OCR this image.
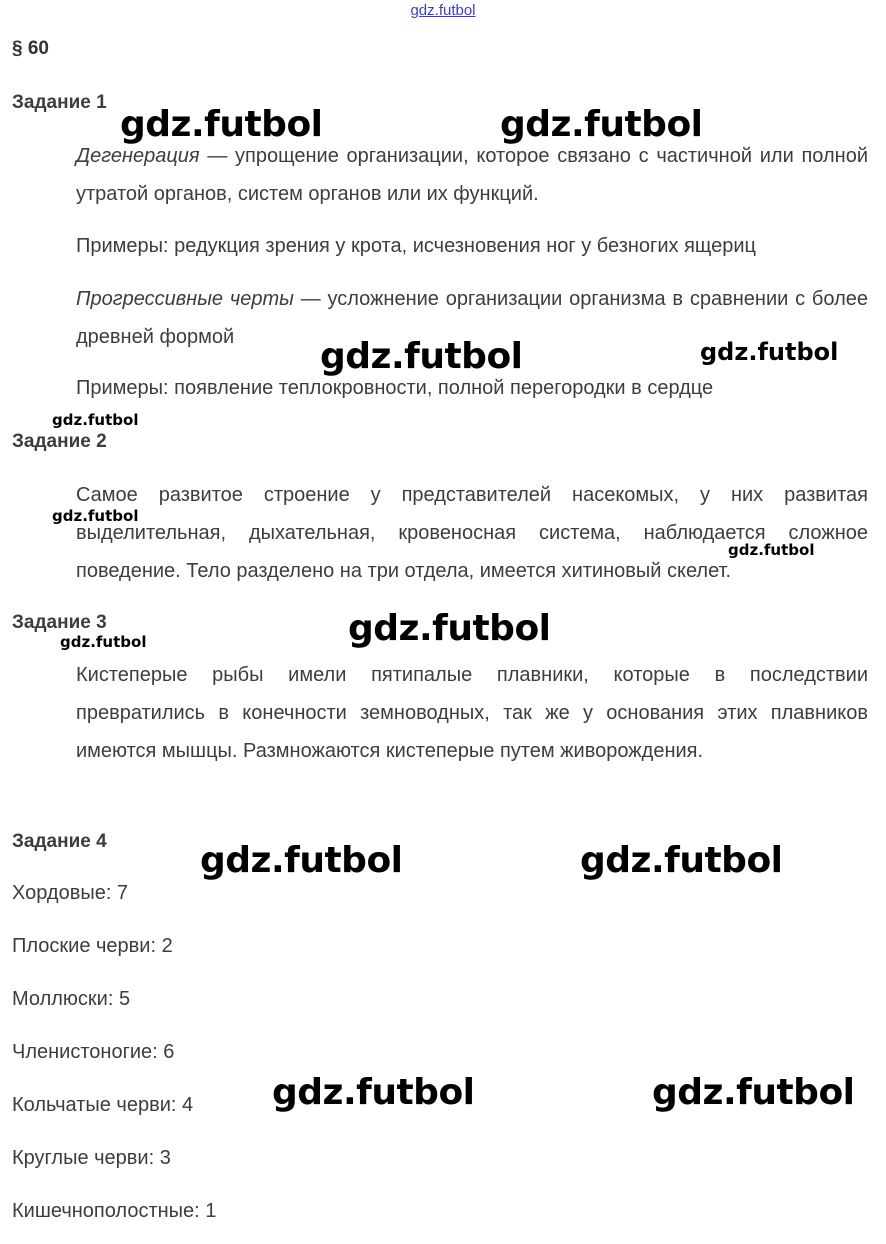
gdz.futbol
§ 60
Задание 1

Дегенерация — упрощение организации, которое связано с частичной или полной утратой органов, систем органов или их функций.

Примеры: редукция зрения у крота, исчезновения ног у безногих ящериц

Прогрессивные черты — усложнение организации организма в сравнении с более древней формой

Примеры: появление теплокровности, полной перегородки в сердце

Задание 2

Самое развитое строение у представителей насекомых, у них развитая выделительная, дыхательная, кровеносная система, наблюдается сложное поведение. Тело разделено на три отдела, имеется хитиновый скелет.

Задание 3

Кистеперые рыбы имели пятипалые плавники, которые в последствии превратились в конечности земноводных, так же у основания этих плавников имеются мышцы. Размножаются кистеперые путем живорождения.

Задание 4
Хордовые: 7
Плоские черви: 2
Моллюски: 5
Членистоногие: 6
Кольчатые черви: 4
Круглые черви: 3
Кишечнополостные: 1
gdz.futbol	gdz.futbol
gdz.futbol	gdz.futbol
gdz.futbol
gdz.futbol
gdz.futbol
gdz.futbol	gdz.futbol
gdz.futbol	gdz.futbol
gdz.futbol	gdz.futbol
